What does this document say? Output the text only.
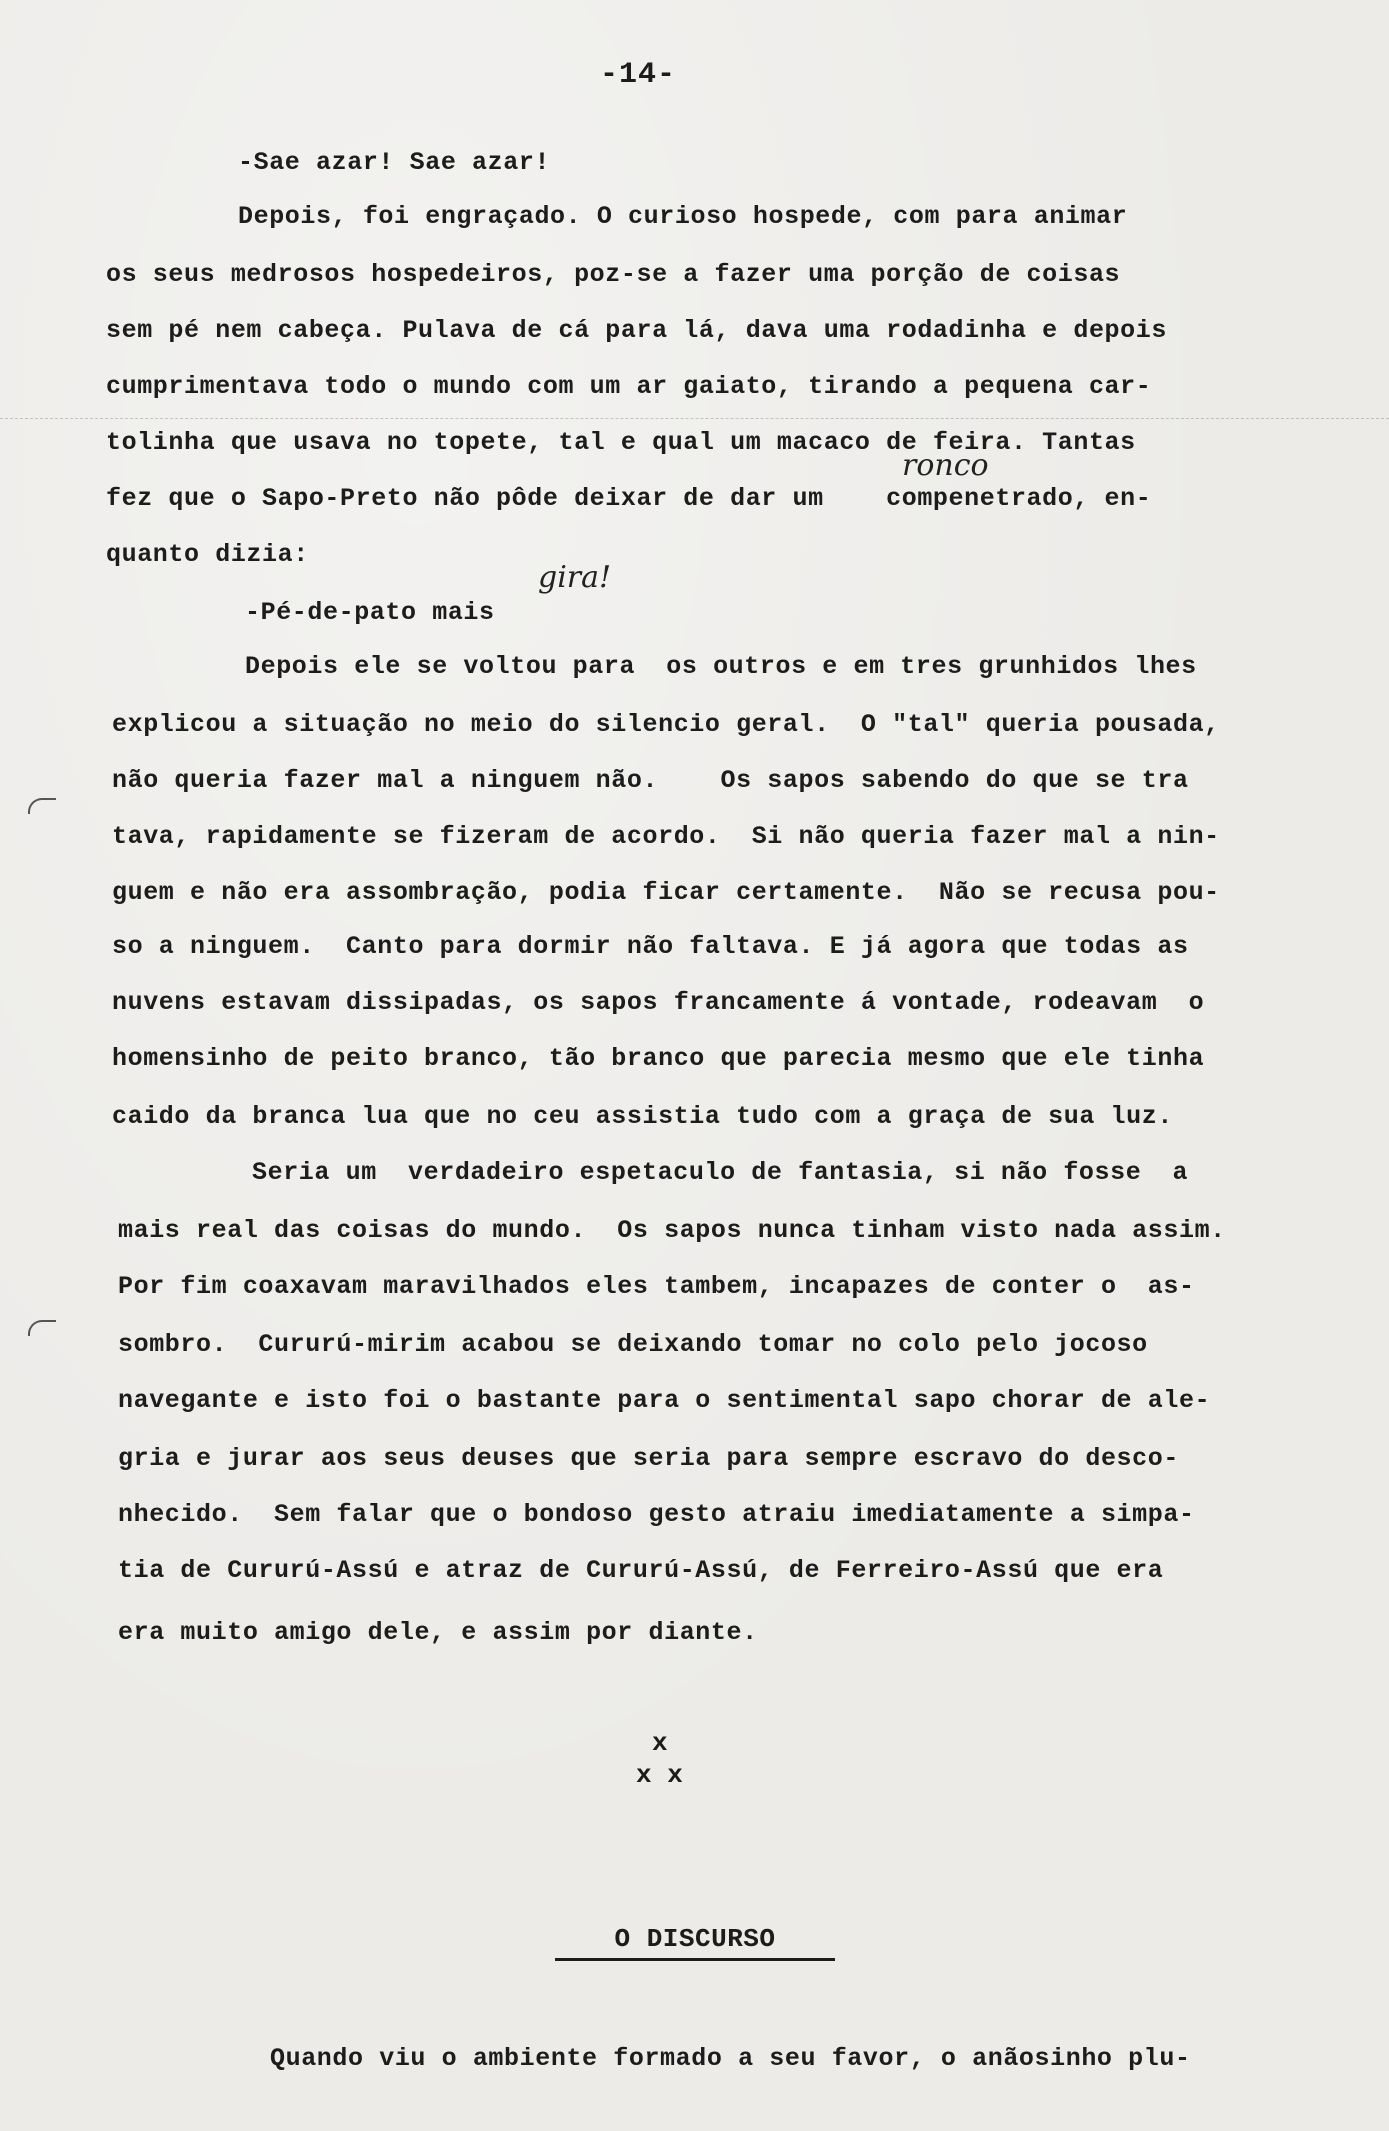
-14-
-Sae azar! Sae azar!
Depois, foi engraçado. O curioso hospede, com para animar
os seus medrosos hospedeiros, poz-se a fazer uma porção de coisas
sem pé nem cabeça. Pulava de cá para lá, dava uma rodadinha e depois
cumprimentava todo o mundo com um ar gaiato, tirando a pequena car-
tolinha que usava no topete, tal e qual um macaco de feira. Tantas
fez que o Sapo-Preto não pôde deixar de dar um    compenetrado, en-
ronco
quanto dizia:
-Pé-de-pato mais
gira!
Depois ele se voltou para  os outros e em tres grunhidos lhes
explicou a situação no meio do silencio geral.  O "tal" queria pousada,
não queria fazer mal a ninguem não.    Os sapos sabendo do que se tra
tava, rapidamente se fizeram de acordo.  Si não queria fazer mal a nin-
guem e não era assombração, podia ficar certamente.  Não se recusa pou-
so a ninguem.  Canto para dormir não faltava. E já agora que todas as
nuvens estavam dissipadas, os sapos francamente á vontade, rodeavam  o
homensinho de peito branco, tão branco que parecia mesmo que ele tinha
caido da branca lua que no ceu assistia tudo com a graça de sua luz.
Seria um  verdadeiro espetaculo de fantasia, si não fosse  a
mais real das coisas do mundo.  Os sapos nunca tinham visto nada assim.
Por fim coaxavam maravilhados eles tambem, incapazes de conter o  as-
sombro.  Cururú-mirim acabou se deixando tomar no colo pelo jocoso
navegante e isto foi o bastante para o sentimental sapo chorar de ale-
gria e jurar aos seus deuses que seria para sempre escravo do desco-
nhecido.  Sem falar que o bondoso gesto atraiu imediatamente a simpa-
tia de Cururú-Assú e atraz de Cururú-Assú, de Ferreiro-Assú que era
era muito amigo dele, e assim por diante.
x
x x
O DISCURSO
Quando viu o ambiente formado a seu favor, o anãosinho plu-
